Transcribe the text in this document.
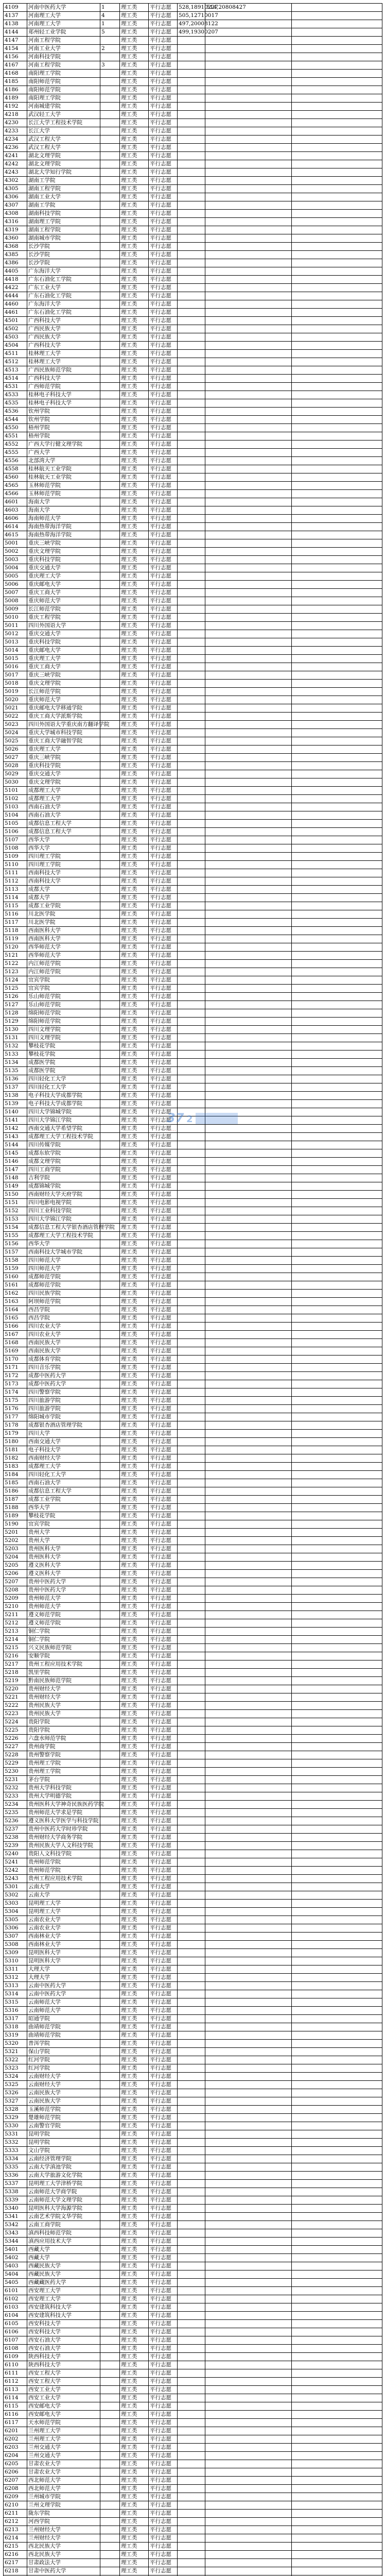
4109	河南中医药大学	1	理工类	平行志愿	528,18910227	514,20808427	
4137	河南理工大学	4	理工类	平行志愿	505,12710017		
4138	河南理工大学	1	理工类	平行志愿	497,20008122		
4144	郑州轻工业学院	5	理工类	平行志愿	499,19300207		
4147	河南工程学院		理工类	平行志愿			
4154	河南工业大学	2	理工类	平行志愿			
4156	河南科技学院		理工类	平行志愿			
4167	河南工程学院	3	理工类	平行志愿			
4168	南阳理工学院		理工类	平行志愿			
4185	南阳师范学院		理工类	平行志愿			
4186	南阳师范学院		理工类	平行志愿			
4189	南阳理工学院		理工类	平行志愿			
4192	河南城建学院		理工类	平行志愿			
4218	武汉轻工大学		理工类	平行志愿			
4230	长江大学工程技术学院		理工类	平行志愿			
4233	长江大学		理工类	平行志愿			
4234	武汉工程大学		理工类	平行志愿			
4236	武汉工程大学		理工类	平行志愿			
4241	湖北文理学院		理工类	平行志愿			
4242	湖北文理学院		理工类	平行志愿			
4243	湖北大学知行学院		理工类	平行志愿			
4302	湖南工学院		理工类	平行志愿			
4305	湖南工程学院		理工类	平行志愿			
4306	湖南工业大学		理工类	平行志愿			
4307	湖南工学院		理工类	平行志愿			
4308	湖南科技学院		理工类	平行志愿			
4316	湖南理工学院		理工类	平行志愿			
4319	湖南工程学院		理工类	平行志愿			
4360	湖南城市学院		理工类	平行志愿			
4368	长沙学院		理工类	平行志愿			
4385	长沙学院		理工类	平行志愿			
4386	长沙学院		理工类	平行志愿			
4405	广东海洋大学		理工类	平行志愿			
4418	广东石油化工学院		理工类	平行志愿			
4422	广东工业大学		理工类	平行志愿			
4444	广东石油化工学院		理工类	平行志愿			
4460	广东海洋大学		理工类	平行志愿			
4461	广东石油化工学院		理工类	平行志愿			
4501	广西科技大学		理工类	平行志愿			
4502	广西民族大学		理工类	平行志愿			
4503	广西民族大学		理工类	平行志愿			
4504	广西科技大学		理工类	平行志愿			
4511	桂林理工大学		理工类	平行志愿			
4512	桂林理工大学		理工类	平行志愿			
4513	广西民族师范学院		理工类	平行志愿			
4514	广西科技大学		理工类	平行志愿			
4531	广西师范学院		理工类	平行志愿			
4533	桂林电子科技大学		理工类	平行志愿			
4535	桂林电子科技大学		理工类	平行志愿			
4536	钦州学院		理工类	平行志愿			
4544	钦州学院		理工类	平行志愿			
4550	梧州学院		理工类	平行志愿			
4551	梧州学院		理工类	平行志愿			
4552	广西大学行健文理学院		理工类	平行志愿			
4555	广西大学		理工类	平行志愿			
4556	北部湾大学		理工类	平行志愿			
4558	桂林航天工业学院		理工类	平行志愿			
4560	桂林航天工业学院		理工类	平行志愿			
4565	玉林师范学院		理工类	平行志愿			
4566	玉林师范学院		理工类	平行志愿			
4601	海南大学		理工类	平行志愿			
4603	海南大学		理工类	平行志愿			
4606	海南师范大学		理工类	平行志愿			
4614	海南热带海洋学院		理工类	平行志愿			
4615	海南热带海洋学院		理工类	平行志愿			
5001	重庆三峡学院		理工类	平行志愿			
5002	重庆文理学院		理工类	平行志愿			
5003	重庆科技学院		理工类	平行志愿			
5004	重庆交通大学		理工类	平行志愿			
5005	重庆理工大学		理工类	平行志愿			
5006	重庆邮电大学		理工类	平行志愿			
5007	重庆工商大学		理工类	平行志愿			
5008	重庆师范大学		理工类	平行志愿			
5009	长江师范学院		理工类	平行志愿			
5010	重庆工程学院		理工类	平行志愿			
5011	四川外国语大学		理工类	平行志愿			
5012	重庆交通大学		理工类	平行志愿			
5013	重庆科技学院		理工类	平行志愿			
5014	重庆邮电大学		理工类	平行志愿			
5015	重庆理工大学		理工类	平行志愿			
5016	重庆工商大学		理工类	平行志愿			
5017	重庆三峡学院		理工类	平行志愿			
5018	重庆文理学院		理工类	平行志愿			
5019	长江师范学院		理工类	平行志愿			
5020	重庆师范大学		理工类	平行志愿			
5021	重庆邮电大学移通学院		理工类	平行志愿			
5022	重庆工商大学派斯学院		理工类	平行志愿			
5023	四川外国语大学重庆南方翻译学院		理工类	平行志愿			
5024	重庆大学城市科技学院		理工类	平行志愿			
5025	重庆工商大学融智学院		理工类	平行志愿			
5026	重庆理工大学		理工类	平行志愿			
5027	重庆三峡学院		理工类	平行志愿			
5028	重庆科技学院		理工类	平行志愿			
5029	重庆交通大学		理工类	平行志愿			
5030	重庆文理学院		理工类	平行志愿			
5101	成都理工大学		理工类	平行志愿			
5102	成都理工大学		理工类	平行志愿			
5103	西南石油大学		理工类	平行志愿			
5104	西南石油大学		理工类	平行志愿			
5105	成都信息工程大学		理工类	平行志愿			
5106	成都信息工程大学		理工类	平行志愿			
5107	西华大学		理工类	平行志愿			
5108	西华大学		理工类	平行志愿			
5109	四川理工学院		理工类	平行志愿			
5110	四川理工学院		理工类	平行志愿			
5111	西南科技大学		理工类	平行志愿			
5112	西南科技大学		理工类	平行志愿			
5113	成都大学		理工类	平行志愿			
5114	成都大学		理工类	平行志愿			
5115	成都工业学院		理工类	平行志愿			
5116	川北医学院		理工类	平行志愿			
5117	川北医学院		理工类	平行志愿			
5118	西南医科大学		理工类	平行志愿			
5119	西南医科大学		理工类	平行志愿			
5120	西华师范大学		理工类	平行志愿			
5121	西华师范大学		理工类	平行志愿			
5122	内江师范学院		理工类	平行志愿			
5123	内江师范学院		理工类	平行志愿			
5124	宜宾学院		理工类	平行志愿			
5125	宜宾学院		理工类	平行志愿			
5126	乐山师范学院		理工类	平行志愿			
5127	乐山师范学院		理工类	平行志愿			
5128	绵阳师范学院		理工类	平行志愿			
5129	绵阳师范学院		理工类	平行志愿			
5130	四川文理学院		理工类	平行志愿			
5131	四川文理学院		理工类	平行志愿			
5132	攀枝花学院		理工类	平行志愿			
5133	攀枝花学院		理工类	平行志愿			
5134	成都医学院		理工类	平行志愿			
5135	成都医学院		理工类	平行志愿			
5136	四川轻化工大学		理工类	平行志愿			
5137	四川轻化工大学		理工类	平行志愿			
5138	电子科技大学成都学院		理工类	平行志愿			
5139	电子科技大学成都学院		理工类	平行志愿			
5140	四川大学锦城学院		理工类	平行志愿			
5141	四川大学锦江学院		理工类	平行志愿			
5142	西南交通大学希望学院		理工类	平行志愿			
5143	成都理工大学工程技术学院		理工类	平行志愿			
5144	四川传媒学院		理工类	平行志愿			
5145	成都东软学院		理工类	平行志愿			
5146	成都文理学院		理工类	平行志愿			
5147	四川工商学院		理工类	平行志愿			
5148	吉利学院		理工类	平行志愿			
5149	成都锦城学院		理工类	平行志愿			
5150	西南财经大学天府学院		理工类	平行志愿			
5151	四川电影电视学院		理工类	平行志愿			
5152	四川工业科技学院		理工类	平行志愿			
5153	四川大学锦江学院		理工类	平行志愿			
5154	成都信息工程大学银杏酒店管理学院		理工类	平行志愿			
5155	成都理工大学工程技术学院		理工类	平行志愿			
5156	西华大学		理工类	平行志愿			
5157	西南科技大学城市学院		理工类	平行志愿			
5158	四川师范大学		理工类	平行志愿			
5159	四川师范大学		理工类	平行志愿			
5160	成都师范学院		理工类	平行志愿			
5161	成都师范学院		理工类	平行志愿			
5162	四川民族学院		理工类	平行志愿			
5163	阿坝师范学院		理工类	平行志愿			
5164	西昌学院		理工类	平行志愿			
5165	西昌学院		理工类	平行志愿			
5166	四川农业大学		理工类	平行志愿			
5167	四川农业大学		理工类	平行志愿			
5168	西南民族大学		理工类	平行志愿			
5169	西南民族大学		理工类	平行志愿			
5170	成都体育学院		理工类	平行志愿			
5171	四川音乐学院		理工类	平行志愿			
5172	成都中医药大学		理工类	平行志愿			
5173	成都中医药大学		理工类	平行志愿			
5174	四川警察学院		理工类	平行志愿			
5175	四川旅游学院		理工类	平行志愿			
5176	四川旅游学院		理工类	平行志愿			
5177	绵阳城市学院		理工类	平行志愿			
5178	成都银杏酒店管理学院		理工类	平行志愿			
5179	四川大学		理工类	平行志愿			
5180	西南交通大学		理工类	平行志愿			
5181	电子科技大学		理工类	平行志愿			
5182	西南财经大学		理工类	平行志愿			
5183	成都理工大学		理工类	平行志愿			
5184	四川轻化工大学		理工类	平行志愿			
5185	西南石油大学		理工类	平行志愿			
5186	成都信息工程大学		理工类	平行志愿			
5187	成都工业学院		理工类	平行志愿			
5188	西华大学		理工类	平行志愿			
5189	攀枝花学院		理工类	平行志愿			
5190	宜宾学院		理工类	平行志愿			
5201	贵州大学		理工类	平行志愿			
5202	贵州大学		理工类	平行志愿			
5203	贵州医科大学		理工类	平行志愿			
5204	贵州医科大学		理工类	平行志愿			
5205	遵义医科大学		理工类	平行志愿			
5206	遵义医科大学		理工类	平行志愿			
5207	贵州中医药大学		理工类	平行志愿			
5208	贵州中医药大学		理工类	平行志愿			
5209	贵州师范大学		理工类	平行志愿			
5210	贵州师范大学		理工类	平行志愿			
5211	遵义师范学院		理工类	平行志愿			
5212	遵义师范学院		理工类	平行志愿			
5213	铜仁学院		理工类	平行志愿			
5214	铜仁学院		理工类	平行志愿			
5215	兴义民族师范学院		理工类	平行志愿			
5216	安顺学院		理工类	平行志愿			
5217	贵州工程应用技术学院		理工类	平行志愿			
5218	凯里学院		理工类	平行志愿			
5219	黔南民族师范学院		理工类	平行志愿			
5220	贵州财经大学		理工类	平行志愿			
5221	贵州财经大学		理工类	平行志愿			
5222	贵州民族大学		理工类	平行志愿			
5223	贵州民族大学		理工类	平行志愿			
5224	贵阳学院		理工类	平行志愿			
5225	贵阳学院		理工类	平行志愿			
5226	六盘水师范学院		理工类	平行志愿			
5227	贵州商学院		理工类	平行志愿			
5228	贵州警察学院		理工类	平行志愿			
5229	贵州理工学院		理工类	平行志愿			
5230	贵州理工学院		理工类	平行志愿			
5231	茅台学院		理工类	平行志愿			
5232	贵州大学科技学院		理工类	平行志愿			
5233	贵州大学明德学院		理工类	平行志愿			
5234	贵州医科大学神奇民族医药学院		理工类	平行志愿			
5235	贵州师范大学求是学院		理工类	平行志愿			
5236	遵义医科大学医学与科技学院		理工类	平行志愿			
5237	贵州中医药大学时珍学院		理工类	平行志愿			
5238	贵州财经大学商务学院		理工类	平行志愿			
5239	贵州民族大学人文科技学院		理工类	平行志愿			
5240	贵阳人文科技学院		理工类	平行志愿			
5241	贵州师范学院		理工类	平行志愿			
5242	贵州师范学院		理工类	平行志愿			
5243	贵州工程应用技术学院		理工类	平行志愿			
5301	云南大学		理工类	平行志愿			
5302	云南大学		理工类	平行志愿			
5303	昆明理工大学		理工类	平行志愿			
5304	昆明理工大学		理工类	平行志愿			
5305	云南农业大学		理工类	平行志愿			
5306	云南农业大学		理工类	平行志愿			
5307	西南林业大学		理工类	平行志愿			
5308	西南林业大学		理工类	平行志愿			
5309	昆明医科大学		理工类	平行志愿			
5310	昆明医科大学		理工类	平行志愿			
5311	大理大学		理工类	平行志愿			
5312	大理大学		理工类	平行志愿			
5313	云南中医药大学		理工类	平行志愿			
5314	云南中医药大学		理工类	平行志愿			
5315	云南师范大学		理工类	平行志愿			
5316	云南师范大学		理工类	平行志愿			
5317	昭通学院		理工类	平行志愿			
5318	曲靖师范学院		理工类	平行志愿			
5319	曲靖师范学院		理工类	平行志愿			
5320	普洱学院		理工类	平行志愿			
5321	保山学院		理工类	平行志愿			
5322	红河学院		理工类	平行志愿			
5323	红河学院		理工类	平行志愿			
5324	云南财经大学		理工类	平行志愿			
5325	云南财经大学		理工类	平行志愿			
5326	云南民族大学		理工类	平行志愿			
5327	云南民族大学		理工类	平行志愿			
5328	玉溪师范学院		理工类	平行志愿			
5329	楚雄师范学院		理工类	平行志愿			
5330	云南警官学院		理工类	平行志愿			
5331	昆明学院		理工类	平行志愿			
5332	昆明学院		理工类	平行志愿			
5333	文山学院		理工类	平行志愿			
5334	云南经济管理学院		理工类	平行志愿			
5335	云南大学滇池学院		理工类	平行志愿			
5336	云南大学旅游文化学院		理工类	平行志愿			
5337	昆明理工大学津桥学院		理工类	平行志愿			
5338	云南师范大学商学院		理工类	平行志愿			
5339	云南师范大学文理学院		理工类	平行志愿			
5340	昆明医科大学海源学院		理工类	平行志愿			
5341	云南艺术学院文华学院		理工类	平行志愿			
5342	云南工商学院		理工类	平行志愿			
5343	滇西科技师范学院		理工类	平行志愿			
5344	滇西应用技术大学		理工类	平行志愿			
5401	西藏大学		理工类	平行志愿			
5402	西藏大学		理工类	平行志愿			
5403	西藏民族大学		理工类	平行志愿			
5404	西藏民族大学		理工类	平行志愿			
5405	西藏藏医药大学		理工类	平行志愿			
6101	西安理工大学		理工类	平行志愿			
6102	西安理工大学		理工类	平行志愿			
6103	西安建筑科技大学		理工类	平行志愿			
6104	西安建筑科技大学		理工类	平行志愿			
6105	西安科技大学		理工类	平行志愿			
6106	西安科技大学		理工类	平行志愿			
6107	西安石油大学		理工类	平行志愿			
6108	西安石油大学		理工类	平行志愿			
6109	陕西科技大学		理工类	平行志愿			
6110	陕西科技大学		理工类	平行志愿			
6111	西安工程大学		理工类	平行志愿			
6112	西安工程大学		理工类	平行志愿			
6113	西安工业大学		理工类	平行志愿			
6114	西安工业大学		理工类	平行志愿			
6115	西安邮电大学		理工类	平行志愿			
6116	西安邮电大学		理工类	平行志愿			
6117	天水师范学院		理工类	平行志愿			
6201	兰州理工大学		理工类	平行志愿			
6202	兰州理工大学		理工类	平行志愿			
6203	兰州交通大学		理工类	平行志愿			
6204	兰州交通大学		理工类	平行志愿			
6205	甘肃农业大学		理工类	平行志愿			
6206	甘肃农业大学		理工类	平行志愿			
6207	西北师范大学		理工类	平行志愿			
6208	西北师范大学		理工类	平行志愿			
6209	兰州城市学院		理工类	平行志愿			
6210	兰州文理学院		理工类	平行志愿			
6211	陇东学院		理工类	平行志愿			
6212	河西学院		理工类	平行志愿			
6213	兰州财经大学		理工类	平行志愿			
6214	兰州财经大学		理工类	平行志愿			
6215	西北民族大学		理工类	平行志愿			
6216	西北民族大学		理工类	平行志愿			
6217	甘肃政法大学		理工类	平行志愿			
6218	甘肃中医药大学		理工类	平行志愿			

37 2
·····
